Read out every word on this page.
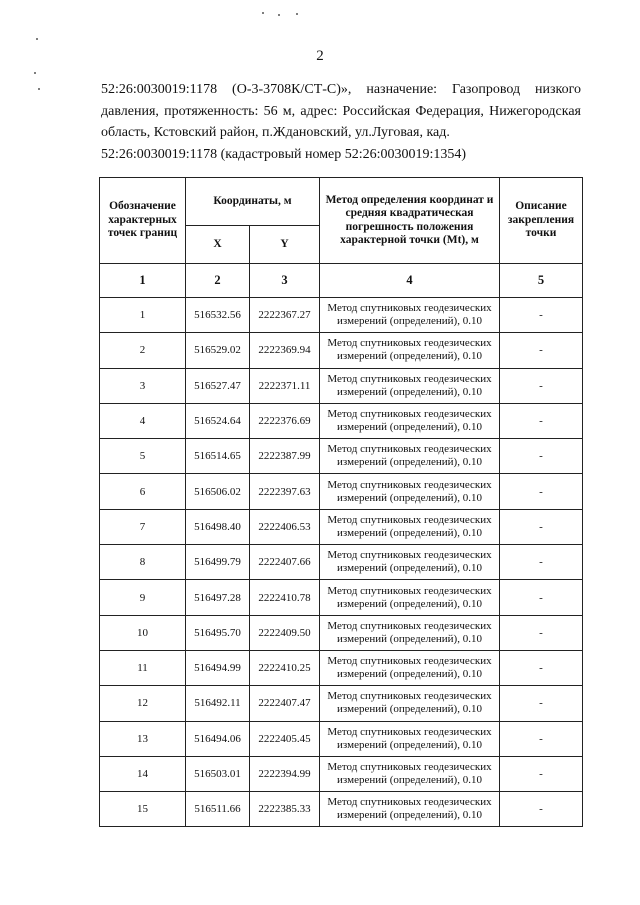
2

52:26:0030019:1178 (О-3-3708К/СТ-С)», назначение: Газопровод низкого давления, протяженность: 56 м, адрес: Российская Федерация, Нижегородская область, Кстовский район, п.Ждановский, ул.Луговая, кад.

52:26:0030019:1178 (кадастровый номер 52:26:0030019:1354)

Обозначение характерных точек границ	Координаты, м		Метод определения координат и средняя квадратическая погрешность положения характерной точки (Mt), м	Описание закрепления точки
	X	Y		
1	2	3	4	5
1	516532.56	2222367.27	Метод спутниковых геодезических измерений (определений), 0.10	-
2	516529.02	2222369.94	Метод спутниковых геодезических измерений (определений), 0.10	-
3	516527.47	2222371.11	Метод спутниковых геодезических измерений (определений), 0.10	-
4	516524.64	2222376.69	Метод спутниковых геодезических измерений (определений), 0.10	-
5	516514.65	2222387.99	Метод спутниковых геодезических измерений (определений), 0.10	-
6	516506.02	2222397.63	Метод спутниковых геодезических измерений (определений), 0.10	-
7	516498.40	2222406.53	Метод спутниковых геодезических измерений (определений), 0.10	-
8	516499.79	2222407.66	Метод спутниковых геодезических измерений (определений), 0.10	-
9	516497.28	2222410.78	Метод спутниковых геодезических измерений (определений), 0.10	-
10	516495.70	2222409.50	Метод спутниковых геодезических измерений (определений), 0.10	-
11	516494.99	2222410.25	Метод спутниковых геодезических измерений (определений), 0.10	-
12	516492.11	2222407.47	Метод спутниковых геодезических измерений (определений), 0.10	-
13	516494.06	2222405.45	Метод спутниковых геодезических измерений (определений), 0.10	-
14	516503.01	2222394.99	Метод спутниковых геодезических измерений (определений), 0.10	-
15	516511.66	2222385.33	Метод спутниковых геодезических измерений (определений), 0.10	-
